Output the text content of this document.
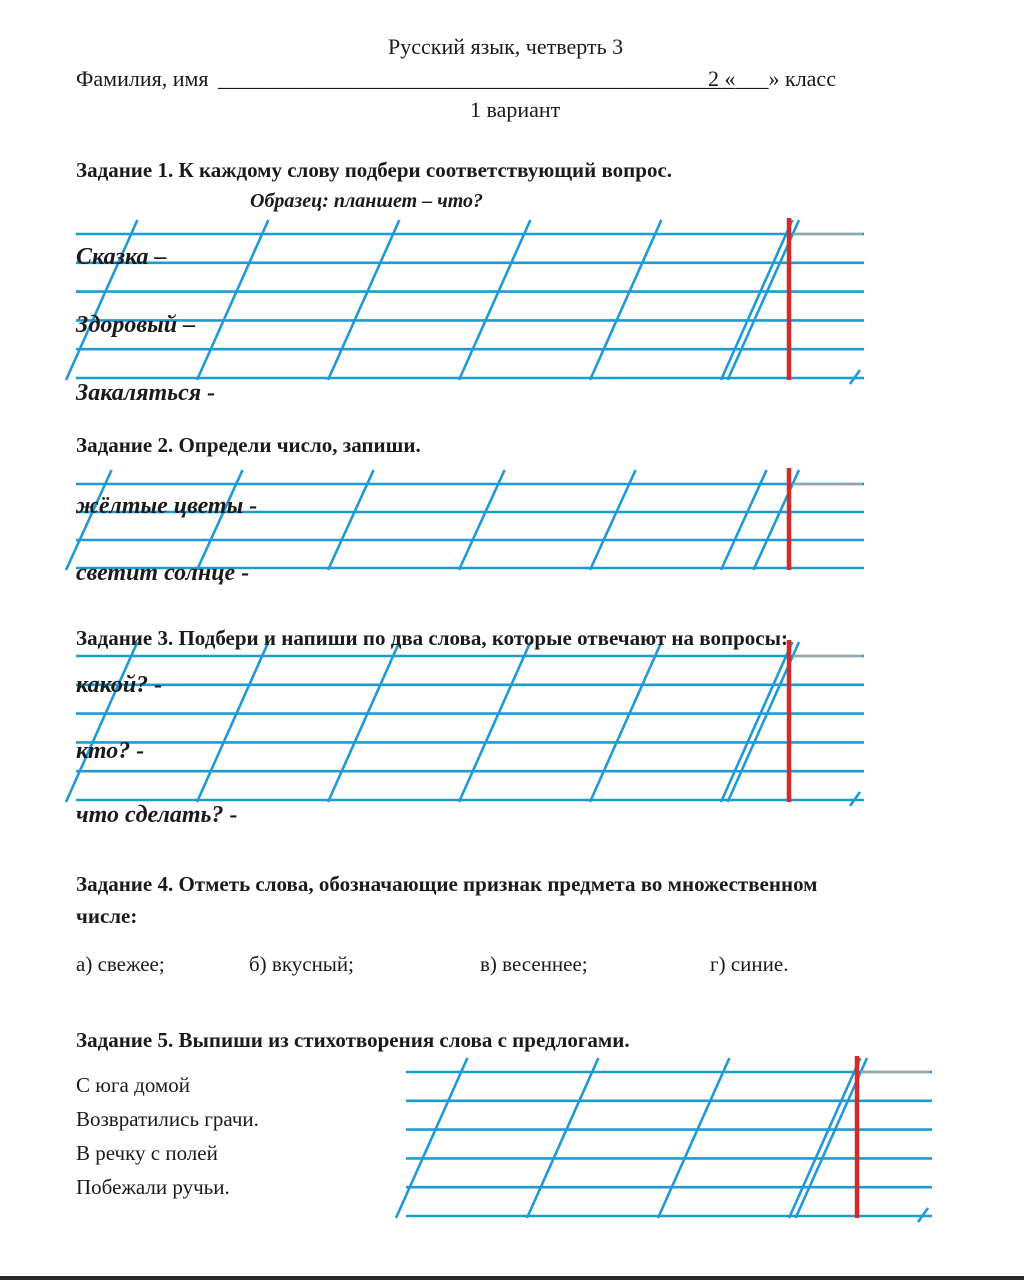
Русский язык, четверть 3
Фамилия, имя _______________________________________________
2 «___» класс
1 вариант
Задание 1. К каждому слову подбери соответствующий вопрос.
Образец: планшет – что?
Сказка –
Здоровый –
Закаляться -
Задание 2. Определи число, запиши.
жёлтые цветы -
светит солнце -
Задание 3. Подбери и напиши по два слова, которые отвечают на вопросы:
какой? -
кто? -
что сделать? -
Задание 4. Отметь слова, обозначающие признак предмета во множественном
числе:
а) свежее;	б) вкусный;	в) весеннее;	г) синие.
Задание 5. Выпиши из стихотворения слова с предлогами.
С юга домой
Возвратились грачи.
В речку с полей
Побежали ручьи.
